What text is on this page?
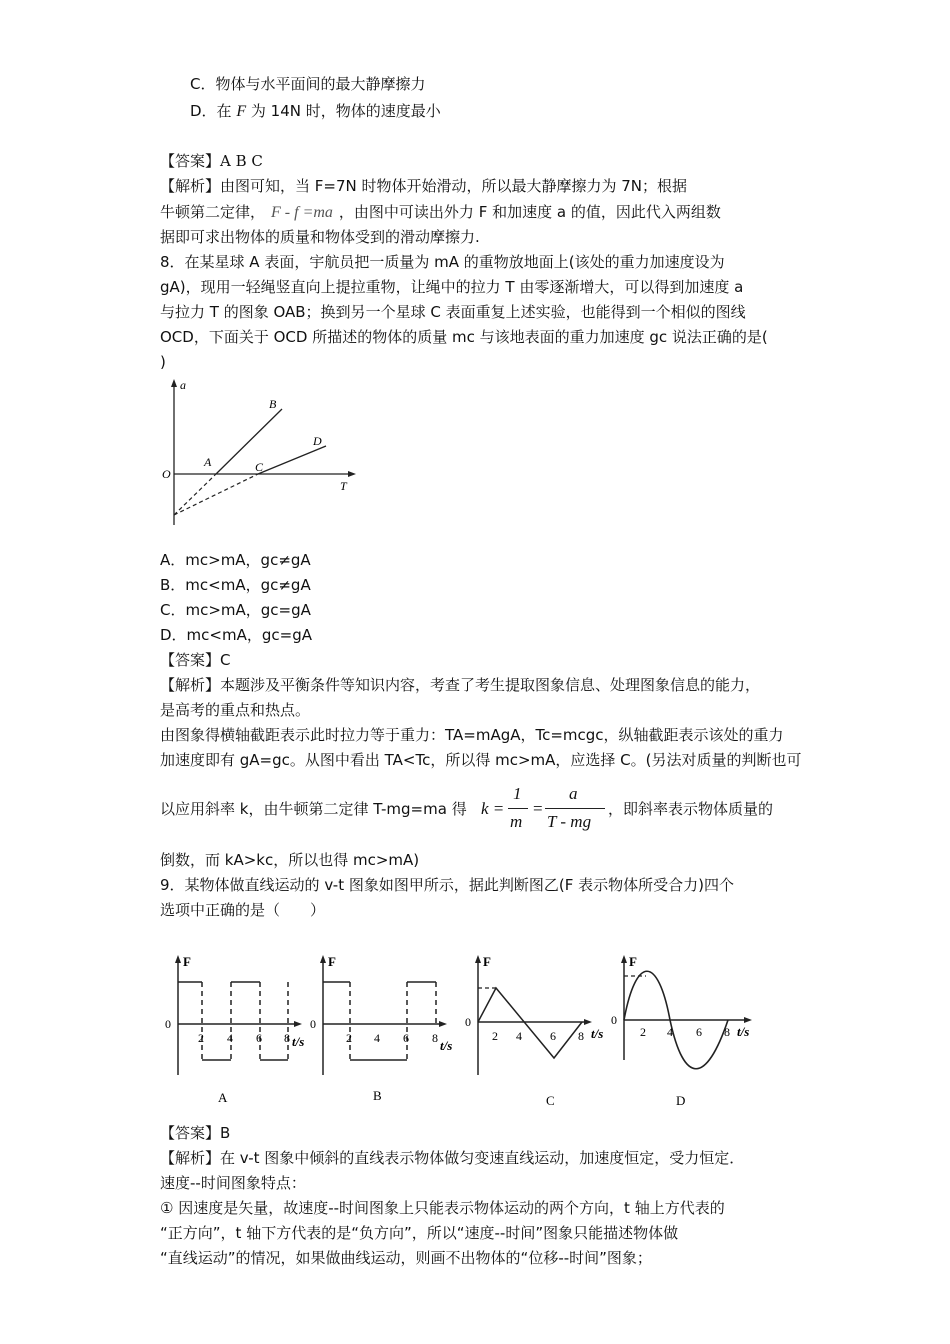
C．物体与水平面间的最大静摩擦力
D．在 F 为 14N 时，物体的速度最小
【答案】A B C
【解析】由图可知，当 F=7N 时物体开始滑动，所以最大静摩擦力为 7N；根据
牛顿第二定律， F - f =ma ，由图中可读出外力 F 和加速度 a 的值，因此代入两组数
据即可求出物体的质量和物体受到的滑动摩擦力.
8．在某星球 A 表面，宇航员把一质量为 mA 的重物放地面上(该处的重力加速度设为
gA)，现用一轻绳竖直向上提拉重物，让绳中的拉力 T 由零逐渐增大，可以得到加速度 a
与拉力 T 的图象 OAB；换到另一个星球 C 表面重复上述实验，也能得到一个相似的图线
OCD，下面关于 OCD 所描述的物体的质量 mc 与该地表面的重力加速度 gc 说法正确的是(
)
a
O
A
B
C
D
T
A．mc>mA，gc≠gA
B．mc<mA，gc≠gA
C．mc>mA，gc=gA
D．mc<mA，gc=gA
【答案】C
【解析】本题涉及平衡条件等知识内容，考查了考生提取图象信息、处理图象信息的能力，
是高考的重点和热点。
由图象得横轴截距表示此时拉力等于重力：TA=mAgA，Tc=mcgc，纵轴截距表示该处的重力
加速度即有 gA=gc。从图中看出 TA<Tc，所以得 mc>mA，应选择 C。(另法对质量的判断也可
以应用斜率 k，由牛顿第二定律 T-mg=ma 得 k =
1
m
=
a
T - mg
，即斜率表示物体质量的
倒数，而 kA>kc，所以也得 mc>mA)
9．某物体做直线运动的 v-t 图象如图甲所示，据此判断图乙(F 表示物体所受合力)四个
选项中正确的是（　　）
F
0
2 4 6 8 t/s
A
F
0
2 4 6 8 t/s
B
F
0
2 4 6 8 t/s
C
F
0
2 4 6 8 t/s
D
【答案】B
【解析】在 v-t 图象中倾斜的直线表示物体做匀变速直线运动，加速度恒定，受力恒定．
速度--时间图象特点：
① 因速度是矢量，故速度--时间图象上只能表示物体运动的两个方向，t 轴上方代表的
“正方向”，t 轴下方代表的是“负方向”，所以“速度--时间”图象只能描述物体做
“直线运动”的情况，如果做曲线运动，则画不出物体的“位移--时间”图象；
